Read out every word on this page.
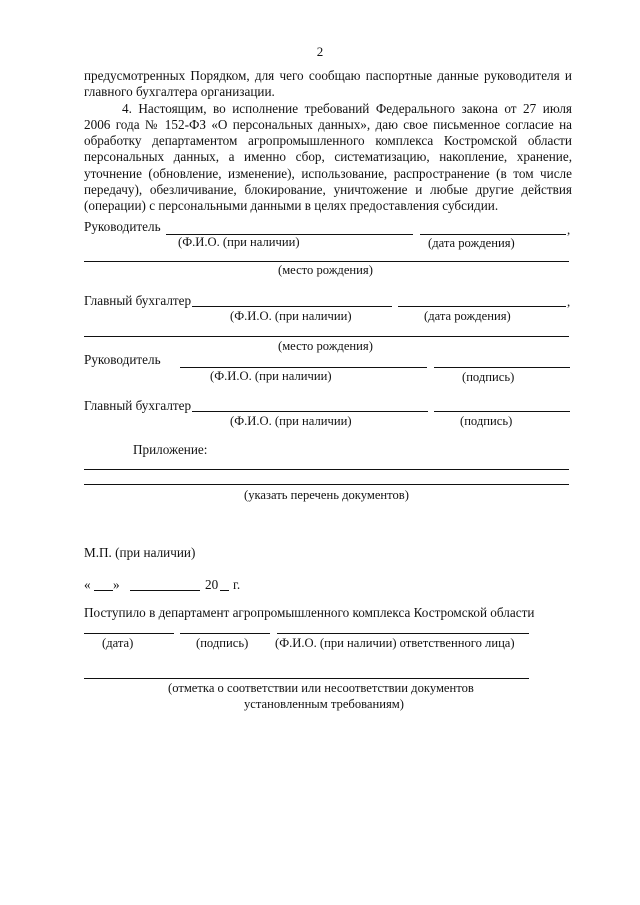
2

предусмотренных Порядком, для чего сообщаю паспортные данные руководителя и главного бухгалтера организации.

4. Настоящим, во исполнение требований Федерального закона от 27 июля 2006 года № 152-ФЗ «О персональных данных», даю свое письменное согласие на обработку департаментом агропромышленного комплекса Костромской области персональных данных, а именно сбор, систематизацию, накопление, хранение, уточнение (обновление, изменение), использование, распространение (в том числе передачу), обезличивание, блокирование, уничтожение и любые другие действия (операции) с персональными данными в целях предоставления субсидии.

Руководитель	,
(Ф.И.О. (при наличии)	(дата рождения)
(место рождения)
Главный бухгалтер	,
(Ф.И.О. (при наличии)	(дата рождения)
(место рождения)
Руководитель
(Ф.И.О. (при наличии)	(подпись)
Главный бухгалтер
(Ф.И.О. (при наличии)	(подпись)
Приложение:
(указать перечень документов)
М.П. (при наличии)
« »	20 г.
Поступило в департамент агропромышленного комплекса Костромской области
(дата)	(подпись) (Ф.И.О. (при наличии) ответственного лица)
(отметка о соответствии или несоответствии документов
установленным требованиям)
